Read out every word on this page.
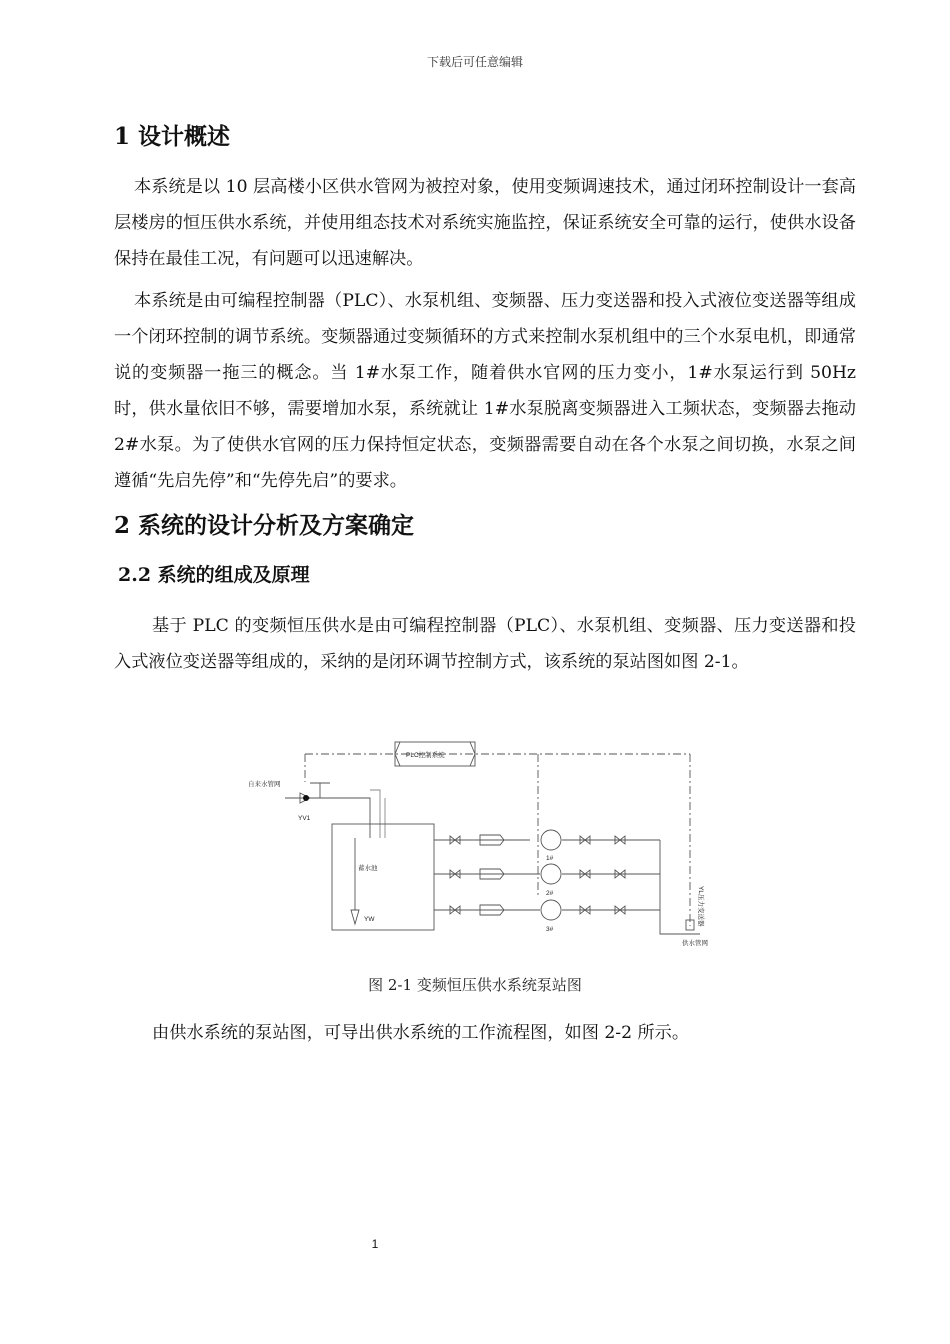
下载后可任意编辑
1 设计概述

本系统是以 10 层高楼小区供水管网为被控对象，使用变频调速技术，通过闭环控制设计一套高层楼房的恒压供水系统，并使用组态技术对系统实施监控，保证系统安全可靠的运行，使供水设备保持在最佳工况，有问题可以迅速解决。

本系统是由可编程控制器（PLC）、水泵机组、变频器、压力变送器和投入式液位变送器等组成一个闭环控制的调节系统。变频器通过变频循环的方式来控制水泵机组中的三个水泵电机，即通常说的变频器一拖三的概念。当 1#水泵工作，随着供水官网的压力变小，1#水泵运行到 50Hz 时，供水量依旧不够，需要增加水泵，系统就让 1#水泵脱离变频器进入工频状态，变频器去拖动 2#水泵。为了使供水官网的压力保持恒定状态，变频器需要自动在各个水泵之间切换，水泵之间遵循“先启先停”和“先停先启”的要求。

2 系统的设计分析及方案确定
2.2 系统的组成及原理

基于 PLC 的变频恒压供水是由可编程控制器（PLC）、水泵机组、变频器、压力变送器和投入式液位变送器等组成的，采纳的是闭环调节控制方式，该系统的泵站图如图 2-1。

PLC控制系统
自来水管网
YV1
蓄水池
YW
1#
2#
3#
YL压力变送器
供水管网
图 2-1 变频恒压供水系统泵站图

由供水系统的泵站图，可导出供水系统的工作流程图，如图 2-2 所示。

1
